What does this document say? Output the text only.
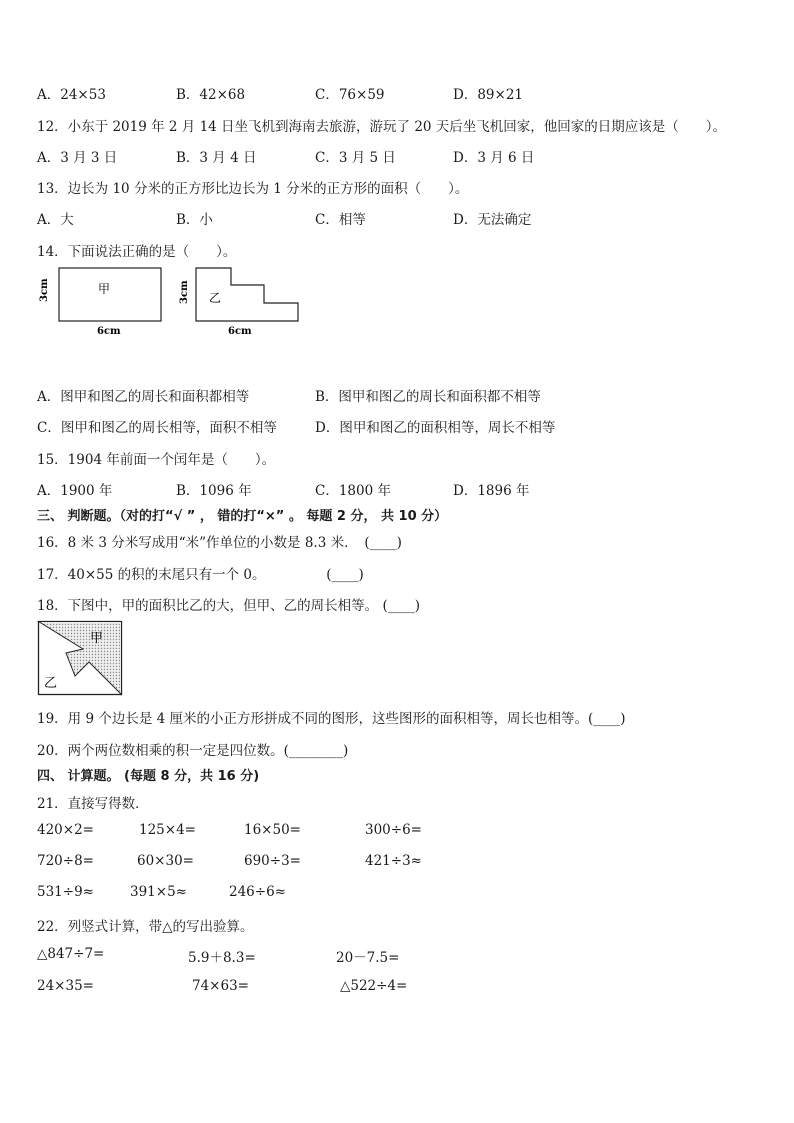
A．24×53	B．42×68	C．76×59	D．89×21
12．小东于 2019 年 2 月 14 日坐飞机到海南去旅游，游玩了 20 天后坐飞机回家，他回家的日期应该是（　　）。
A．3 月 3 日	B．3 月 4 日	C．3 月 5 日	D．3 月 6 日
13．边长为 10 分米的正方形比边长为 1 分米的正方形的面积（　　）。
A．大	B．小	C．相等	D．无法确定
14．下面说法正确的是（　　）。
甲
3cm
6cm
乙
3cm
6cm
A．图甲和图乙的周长和面积都相等	B．图甲和图乙的周长和面积都不相等
C．图甲和图乙的周长相等，面积不相等	D．图甲和图乙的面积相等，周长不相等
15．1904 年前面一个闰年是（　　）。
A．1900 年	B．1096 年	C．1800 年	D．1896 年
三、 判断题。（对的打“√ ” ， 错的打“×” 。 每题 2 分， 共 10 分）
16．8 米 3 分米写成用“米”作单位的小数是 8.3 米．　(____)
17．40×55 的积的末尾只有一个 0。　　　　　(____)
18．下图中，甲的面积比乙的大，但甲、乙的周长相等。 (____)
甲
乙
19．用 9 个边长是 4 厘米的小正方形拼成不同的图形，这些图形的面积相等，周长也相等。(____)
20．两个两位数相乘的积一定是四位数。(________)
四、 计算题。 (每题 8 分，共 16 分)
21．直接写得数．
420×2=	125×4=	16×50=	300÷6=
720÷8=	60×30=	690÷3=	421÷3≈
531÷9≈	391×5≈	246÷6≈
22．列竖式计算，带△的写出验算。
△847÷7=	5.9＋8.3=	20－7.5=
24×35=	74×63=	△522÷4=
